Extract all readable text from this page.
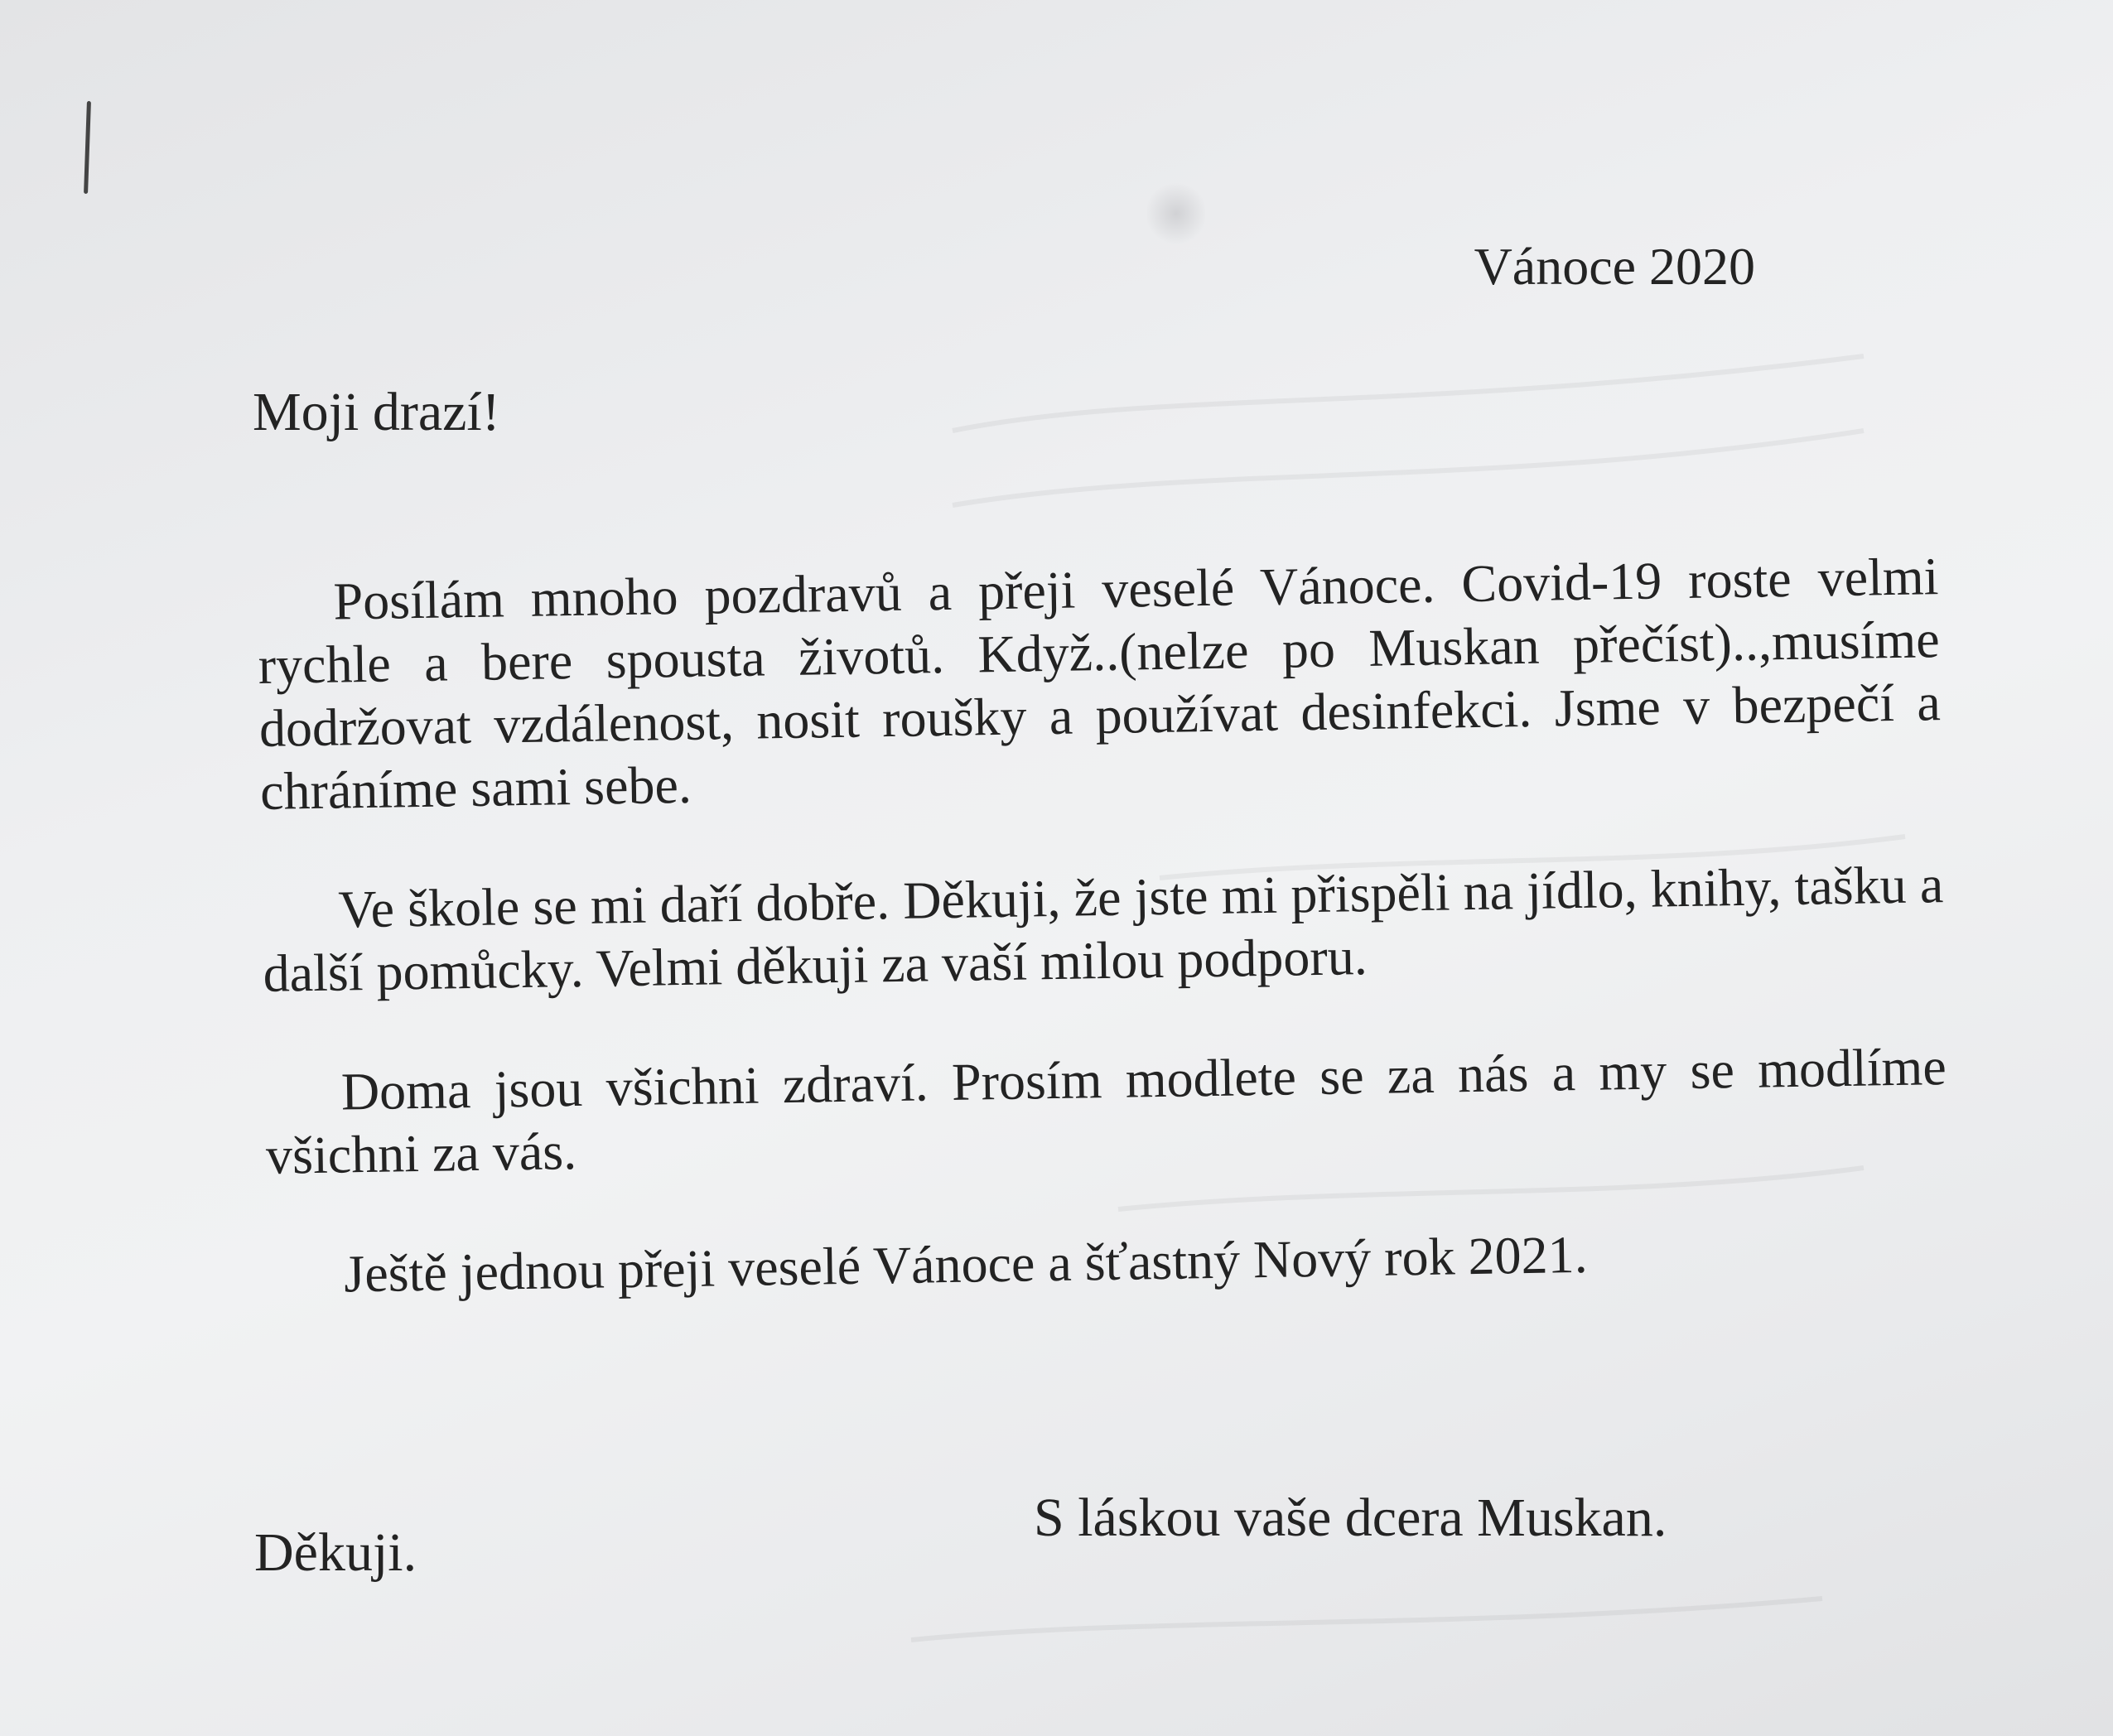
Vánoce 2020
Moji drazí!

Posílám mnoho pozdravů a přeji veselé Vánoce. Covid-19 roste velmi rychle a bere spousta životů. Když..(nelze po Muskan přečíst)..,musíme dodržovat vzdálenost, nosit roušky a používat desinfekci. Jsme v bezpečí a chráníme sami sebe.

Ve škole se mi daří dobře. Děkuji, že jste mi přispěli na jídlo, knihy, tašku a další pomůcky. Velmi děkuji za vaší milou podporu.

Doma jsou všichni zdraví. Prosím modlete se za nás a my se modlíme všichni za vás.

Ještě jednou přeji veselé Vánoce a šťastný Nový rok 2021.

Děkuji.
S láskou vaše dcera Muskan.
